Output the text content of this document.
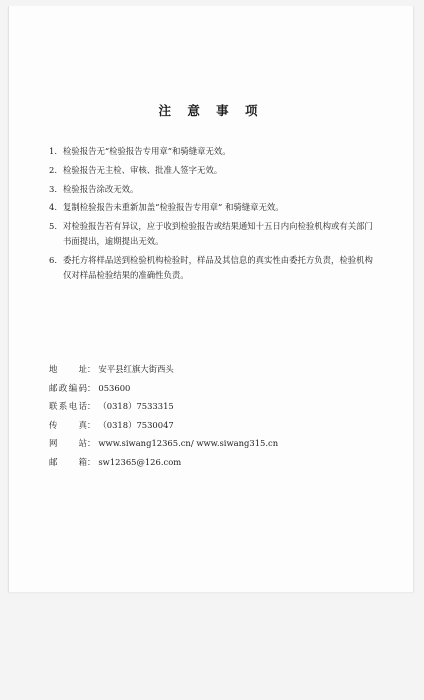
注 意 事 项
1. 检验报告无“检验报告专用章”和骑缝章无效。
2. 检验报告无主检、审核、批准人签字无效。
3. 检验报告涂改无效。
4. 复制检验报告未重新加盖“检验报告专用章” 和骑缝章无效。
5. 对检验报告若有异议，应于收到检验报告或结果通知十五日内向检验机构或有关部门书面提出，逾期提出无效。
6. 委托方将样品送到检验机构检验时，样品及其信息的真实性由委托方负责，检验机构仅对样品检验结果的准确性负责。
地址 ： 安平县红旗大街西头
邮政编码 ： 053600
联系电话 ： （0318）7533315
传真 ： （0318）7530047
网站 ： www.siwang12365.cn/ www.siwang315.cn
邮箱 ： sw12365@126.com
